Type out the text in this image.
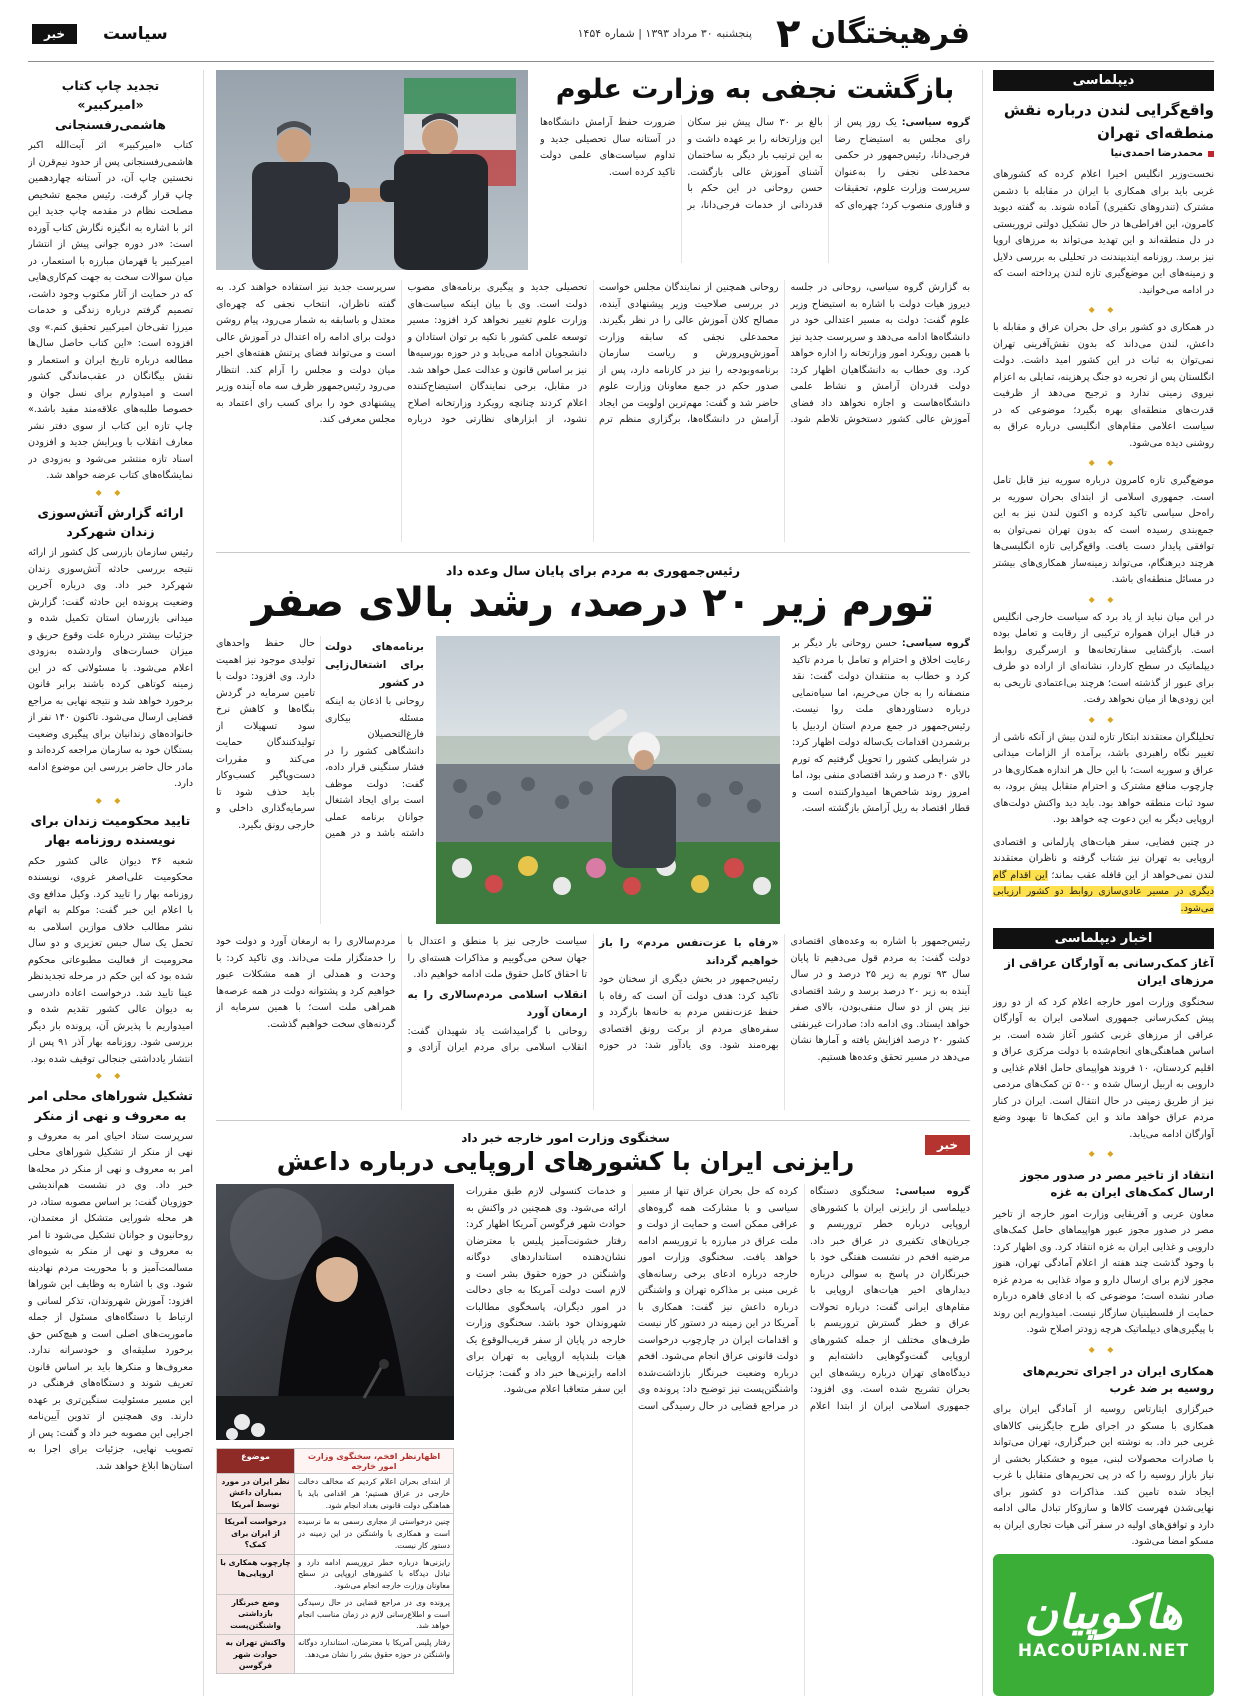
فرهیختگان
۲
پنجشنبه ۳۰ مرداد ۱۳۹۳ | شماره ۱۴۵۴
سیاست
خبر
دیپلماسی
واقع‌گرایی لندن درباره نقش منطقه‌ای تهران
محمدرضا احمدی‌نیا

نخست‌وزیر انگلیس اخیرا اعلام کرده که کشورهای غربی باید برای همکاری با ایران در مقابله با دشمن مشترک (تندروهای تکفیری) آماده شوند. به گفته دیوید کامرون، این افراطی‌ها در حال تشکیل دولتی تروریستی در دل منطقه‌اند و این تهدید می‌تواند به مرزهای اروپا نیز برسد. روزنامه ایندیپندنت در تحلیلی به بررسی دلایل و زمینه‌های این موضع‌گیری تازه لندن پرداخته است که در ادامه می‌خوانید.

◆ ◆

در همکاری دو کشور برای حل بحران عراق و مقابله با داعش، لندن می‌داند که بدون نقش‌آفرینی تهران نمی‌توان به ثبات در این کشور امید داشت. دولت انگلستان پس از تجربه دو جنگ پرهزینه، تمایلی به اعزام نیروی زمینی ندارد و ترجیح می‌دهد از ظرفیت قدرت‌های منطقه‌ای بهره بگیرد؛ موضوعی که در سیاست اعلامی مقام‌های انگلیسی درباره عراق به روشنی دیده می‌شود.

◆ ◆

موضع‌گیری تازه کامرون درباره سوریه نیز قابل تامل است. جمهوری اسلامی از ابتدای بحران سوریه بر راه‌حل سیاسی تاکید کرده و اکنون لندن نیز به این جمع‌بندی رسیده است که بدون تهران نمی‌توان به توافقی پایدار دست یافت. واقع‌گرایی تازه انگلیسی‌ها هرچند دیرهنگام، می‌تواند زمینه‌ساز همکاری‌های بیشتر در مسائل منطقه‌ای باشد.

◆ ◆

در این میان نباید از یاد برد که سیاست خارجی انگلیس در قبال ایران همواره ترکیبی از رقابت و تعامل بوده است. بازگشایی سفارتخانه‌ها و ازسرگیری روابط دیپلماتیک در سطح کاردار، نشانه‌ای از اراده دو طرف برای عبور از گذشته است؛ هرچند بی‌اعتمادی تاریخی به این زودی‌ها از میان نخواهد رفت.

◆ ◆

تحلیلگران معتقدند ابتکار تازه لندن بیش از آنکه ناشی از تغییر نگاه راهبردی باشد، برآمده از الزامات میدانی عراق و سوریه است؛ با این حال هر اندازه همکاری‌ها در چارچوب منافع مشترک و احترام متقابل پیش برود، به سود ثبات منطقه خواهد بود. باید دید واکنش دولت‌های اروپایی دیگر به این دعوت چه خواهد بود.

در چنین فضایی، سفر هیات‌های پارلمانی و اقتصادی اروپایی به تهران نیز شتاب گرفته و ناظران معتقدند لندن نمی‌خواهد از این قافله عقب بماند؛ این اقدام گام دیگری در مسیر عادی‌سازی روابط دو کشور ارزیابی می‌شود.

اخبار دیپلماسی
آغاز کمک‌رسانی به آوارگان عراقی از مرزهای ایران

سخنگوی وزارت امور خارجه اعلام کرد که از دو روز پیش کمک‌رسانی جمهوری اسلامی ایران به آوارگان عراقی از مرزهای غربی کشور آغاز شده است. بر اساس هماهنگی‌های انجام‌شده با دولت مرکزی عراق و اقلیم کردستان، ۱۰ فروند هواپیمای حامل اقلام غذایی و دارویی به اربیل ارسال شده و ۵۰۰ تن کمک‌های مردمی نیز از طریق زمینی در حال انتقال است. ایران در کنار مردم عراق خواهد ماند و این کمک‌ها تا بهبود وضع آوارگان ادامه می‌یابد.

◆ ◆
انتقاد از تاخیر مصر در صدور مجوز ارسال کمک‌های ایران به غزه

معاون عربی و آفریقایی وزارت امور خارجه از تاخیر مصر در صدور مجوز عبور هواپیماهای حامل کمک‌های دارویی و غذایی ایران به غزه انتقاد کرد. وی اظهار کرد: با وجود گذشت چند هفته از اعلام آمادگی تهران، هنوز مجوز لازم برای ارسال دارو و مواد غذایی به مردم غزه صادر نشده است؛ موضوعی که با ادعای قاهره درباره حمایت از فلسطینیان سازگار نیست. امیدواریم این روند با پیگیری‌های دیپلماتیک هرچه زودتر اصلاح شود.

◆ ◆
همکاری ایران در اجرای تحریم‌های روسیه بر ضد غرب

خبرگزاری ایتارتاس روسیه از آمادگی ایران برای همکاری با مسکو در اجرای طرح جایگزینی کالاهای غربی خبر داد. به نوشته این خبرگزاری، تهران می‌تواند با صادرات محصولات لبنی، میوه و خشکبار بخشی از نیاز بازار روسیه را که در پی تحریم‌های متقابل با غرب ایجاد شده تامین کند. مذاکرات دو کشور برای نهایی‌شدن فهرست کالاها و سازوکار تبادل مالی ادامه دارد و توافق‌های اولیه در سفر آتی هیات تجاری ایران به مسکو امضا می‌شود.

هاکوپیان
HACOUPIAN.NET
بازگشت نجفی به وزارت علوم
گروه سیاسی: یک روز پس از رای مجلس به استیضاح رضا فرجی‌دانا، رئیس‌جمهور در حکمی محمدعلی نجفی را به‌عنوان سرپرست وزارت علوم، تحقیقات و فناوری منصوب کرد؛ چهره‌ای که بالغ بر ۳۰ سال پیش نیز سکان این وزارتخانه را بر عهده داشت و به این ترتیب بار دیگر به ساختمان آشنای آموزش عالی بازگشت. حسن روحانی در این حکم با قدردانی از خدمات فرجی‌دانا، بر ضرورت حفظ آرامش دانشگاه‌ها در آستانه سال تحصیلی جدید و تداوم سیاست‌های علمی دولت تاکید کرده است.
به گزارش گروه سیاسی، روحانی در جلسه دیروز هیات دولت با اشاره به استیضاح وزیر علوم گفت: دولت به مسیر اعتدالی خود در دانشگاه‌ها ادامه می‌دهد و سرپرست جدید نیز با همین رویکرد امور وزارتخانه را اداره خواهد کرد. وی خطاب به دانشگاهیان اظهار کرد: دولت قدردان آرامش و نشاط علمی دانشگاه‌هاست و اجازه نخواهد داد فضای آموزش عالی کشور دستخوش تلاطم شود. روحانی همچنین از نمایندگان مجلس خواست در بررسی صلاحیت وزیر پیشنهادی آینده، مصالح کلان آموزش عالی را در نظر بگیرند. محمدعلی نجفی که سابقه وزارت آموزش‌وپرورش و ریاست سازمان برنامه‌وبودجه را نیز در کارنامه دارد، پس از صدور حکم در جمع معاونان وزارت علوم حاضر شد و گفت: مهم‌ترین اولویت من ایجاد آرامش در دانشگاه‌ها، برگزاری منظم ترم تحصیلی جدید و پیگیری برنامه‌های مصوب دولت است. وی با بیان اینکه سیاست‌های وزارت علوم تغییر نخواهد کرد افزود: مسیر توسعه علمی کشور با تکیه بر توان استادان و دانشجویان ادامه می‌یابد و در حوزه بورسیه‌ها نیز بر اساس قانون و عدالت عمل خواهد شد. در مقابل، برخی نمایندگان استیضاح‌کننده اعلام کردند چنانچه رویکرد وزارتخانه اصلاح نشود، از ابزارهای نظارتی خود درباره سرپرست جدید نیز استفاده خواهند کرد. به گفته ناظران، انتخاب نجفی که چهره‌ای معتدل و باسابقه به شمار می‌رود، پیام روشن دولت برای ادامه راه اعتدال در آموزش عالی است و می‌تواند فضای پرتنش هفته‌های اخیر میان دولت و مجلس را آرام کند. انتظار می‌رود رئیس‌جمهور ظرف سه ماه آینده وزیر پیشنهادی خود را برای کسب رای اعتماد به مجلس معرفی کند.
رئیس‌جمهوری به مردم برای پایان سال وعده داد
تورم زیر ۲۰ درصد، رشد بالای صفر
گروه سیاسی: حسن روحانی بار دیگر بر رعایت اخلاق و احترام و تعامل با مردم تاکید کرد و خطاب به منتقدان دولت گفت: نقد منصفانه را به جان می‌خریم، اما سیاه‌نمایی درباره دستاوردهای ملت روا نیست. رئیس‌جمهور در جمع مردم استان اردبیل با برشمردن اقدامات یک‌ساله دولت اظهار کرد: در شرایطی کشور را تحویل گرفتیم که تورم بالای ۴۰ درصد و رشد اقتصادی منفی بود، اما امروز روند شاخص‌ها امیدوارکننده است و قطار اقتصاد به ریل آرامش بازگشته است.
برنامه‌های دولت برای اشتغال‌زایی در کشور
روحانی با اذعان به اینکه مسئله بیکاری فارغ‌التحصیلان دانشگاهی کشور را در فشار سنگینی قرار داده، گفت: دولت موظف است برای ایجاد اشتغال جوانان برنامه عملی داشته باشد و در همین حال حفظ واحدهای تولیدی موجود نیز اهمیت دارد. وی افزود: دولت با تامین سرمایه در گردش بنگاه‌ها و کاهش نرخ سود تسهیلات از تولیدکنندگان حمایت می‌کند و مقررات دست‌وپاگیر کسب‌وکار باید حذف شود تا سرمایه‌گذاری داخلی و خارجی رونق بگیرد.
رئیس‌جمهور با اشاره به وعده‌های اقتصادی دولت گفت: به مردم قول می‌دهیم تا پایان سال ۹۳ تورم به زیر ۲۵ درصد و در سال آینده به زیر ۲۰ درصد برسد و رشد اقتصادی نیز پس از دو سال منفی‌بودن، بالای صفر خواهد ایستاد. وی ادامه داد: صادرات غیرنفتی کشور ۲۰ درصد افزایش یافته و آمارها نشان می‌دهد در مسیر تحقق وعده‌ها هستیم.
«رفاه با عزت‌نفس مردم» را باز خواهیم گرداند
رئیس‌جمهور در بخش دیگری از سخنان خود تاکید کرد: هدف دولت آن است که رفاه با حفظ عزت‌نفس مردم به خانه‌ها بازگردد و سفره‌های مردم از برکت رونق اقتصادی بهره‌مند شود. وی یادآور شد: در حوزه سیاست خارجی نیز با منطق و اعتدال با جهان سخن می‌گوییم و مذاکرات هسته‌ای را تا احقاق کامل حقوق ملت ادامه خواهیم داد.
انقلاب اسلامی مردم‌سالاری را به ارمغان آورد
روحانی با گرامیداشت یاد شهیدان گفت: انقلاب اسلامی برای مردم ایران آزادی و مردم‌سالاری را به ارمغان آورد و دولت خود را خدمتگزار ملت می‌داند. وی تاکید کرد: با وحدت و همدلی از همه مشکلات عبور خواهیم کرد و پشتوانه دولت در همه عرصه‌ها همراهی ملت است؛ با همین سرمایه از گردنه‌های سخت خواهیم گذشت.
خبر
سخنگوی وزارت امور خارجه خبر داد
رایزنی ایران با کشورهای اروپایی درباره داعش
گروه سیاسی: سخنگوی دستگاه دیپلماسی از رایزنی ایران با کشورهای اروپایی درباره خطر تروریسم و جریان‌های تکفیری در عراق خبر داد. مرضیه افخم در نشست هفتگی خود با خبرنگاران در پاسخ به سوالی درباره دیدارهای اخیر هیات‌های اروپایی با مقام‌های ایرانی گفت: درباره تحولات عراق و خطر گسترش تروریسم با طرف‌های مختلف از جمله کشورهای اروپایی گفت‌وگوهایی داشته‌ایم و دیدگاه‌های تهران درباره ریشه‌های این بحران تشریح شده است. وی افزود: جمهوری اسلامی ایران از ابتدا اعلام کرده که حل بحران عراق تنها از مسیر سیاسی و با مشارکت همه گروه‌های عراقی ممکن است و حمایت از دولت و ملت عراق در مبارزه با تروریسم ادامه خواهد یافت. سخنگوی وزارت امور خارجه درباره ادعای برخی رسانه‌های غربی مبنی بر مذاکره تهران و واشنگتن درباره داعش نیز گفت: همکاری با آمریکا در این زمینه در دستور کار نیست و اقدامات ایران در چارچوب درخواست دولت قانونی عراق انجام می‌شود. افخم درباره وضعیت خبرنگار بازداشت‌شده واشنگتن‌پست نیز توضیح داد: پرونده وی در مراجع قضایی در حال رسیدگی است و خدمات کنسولی لازم طبق مقررات ارائه می‌شود. وی همچنین در واکنش به حوادث شهر فرگوسن آمریکا اظهار کرد: رفتار خشونت‌آمیز پلیس با معترضان نشان‌دهنده استانداردهای دوگانه واشنگتن در حوزه حقوق بشر است و لازم است دولت آمریکا به جای دخالت در امور دیگران، پاسخگوی مطالبات شهروندان خود باشد. سخنگوی وزارت خارجه در پایان از سفر قریب‌الوقوع یک هیات بلندپایه اروپایی به تهران برای ادامه رایزنی‌ها خبر داد و گفت: جزئیات این سفر متعاقبا اعلام می‌شود.
اظهارنظر افخم، سخنگوی وزارت امور خارجه	موضوع
از ابتدای بحران اعلام کردیم که مخالف دخالت خارجی در عراق هستیم؛ هر اقدامی باید با هماهنگی دولت قانونی بغداد انجام شود.	نظر ایران در مورد بمباران داعش توسط آمریکا
چنین درخواستی از مجاری رسمی به ما نرسیده است و همکاری با واشنگتن در این زمینه در دستور کار نیست.	درخواست آمریکا از ایران برای کمک؟
رایزنی‌ها درباره خطر تروریسم ادامه دارد و تبادل دیدگاه با کشورهای اروپایی در سطح معاونان وزارت خارجه انجام می‌شود.	چارچوب همکاری با اروپایی‌ها
پرونده وی در مراجع قضایی در حال رسیدگی است و اطلاع‌رسانی لازم در زمان مناسب انجام خواهد شد.	وضع خبرنگار بازداشتی واشنگتن‌پست
رفتار پلیس آمریکا با معترضان، استاندارد دوگانه واشنگتن در حوزه حقوق بشر را نشان می‌دهد.	واکنش تهران به حوادث شهر فرگوسن
تجدید چاپ کتاب «امیرکبیر» هاشمی‌رفسنجانی

کتاب «امیرکبیر» اثر آیت‌الله اکبر هاشمی‌رفسنجانی پس از حدود نیم‌قرن از نخستین چاپ آن، در آستانه چهاردهمین چاپ قرار گرفت. رئیس مجمع تشخیص مصلحت نظام در مقدمه چاپ جدید این اثر با اشاره به انگیزه نگارش کتاب آورده است: «در دوره جوانی پیش از انتشار امیرکبیر یا قهرمان مبارزه با استعمار، در میان سوالات سخت به جهت کم‌کاری‌هایی که در حمایت از آثار مکتوب وجود داشت، تصمیم گرفتم درباره زندگی و خدمات میرزا تقی‌خان امیرکبیر تحقیق کنم.» وی افزوده است: «این کتاب حاصل سال‌ها مطالعه درباره تاریخ ایران و استعمار و نقش بیگانگان در عقب‌ماندگی کشور است و امیدوارم برای نسل جوان و خصوصا طلبه‌های علاقه‌مند مفید باشد.» چاپ تازه این کتاب از سوی دفتر نشر معارف انقلاب با ویرایش جدید و افزودن اسناد تازه منتشر می‌شود و به‌زودی در نمایشگاه‌های کتاب عرضه خواهد شد.

◆ ◆
ارائه گزارش آتش‌سوزی زندان شهرکرد

رئیس سازمان بازرسی کل کشور از ارائه نتیجه بررسی حادثه آتش‌سوزی زندان شهرکرد خبر داد. وی درباره آخرین وضعیت پرونده این حادثه گفت: گزارش میدانی بازرسان استان تکمیل شده و جزئیات بیشتر درباره علت وقوع حریق و میزان خسارت‌های واردشده به‌زودی اعلام می‌شود. با مسئولانی که در این زمینه کوتاهی کرده باشند برابر قانون برخورد خواهد شد و نتیجه نهایی به مراجع قضایی ارسال می‌شود. تاکنون ۱۴۰ نفر از خانواده‌های زندانیان برای پیگیری وضعیت بستگان خود به سازمان مراجعه کرده‌اند و مادر حال حاضر بررسی این موضوع ادامه دارد.

◆ ◆
تایید محکومیت زندان برای نویسنده روزنامه بهار

شعبه ۳۶ دیوان عالی کشور حکم محکومیت علی‌اصغر غروی، نویسنده روزنامه بهار را تایید کرد. وکیل مدافع وی با اعلام این خبر گفت: موکلم به اتهام نشر مطالب خلاف موازین اسلامی به تحمل یک سال حبس تعزیری و دو سال محرومیت از فعالیت مطبوعاتی محکوم شده بود که این حکم در مرحله تجدیدنظر عینا تایید شد. درخواست اعاده دادرسی به دیوان عالی کشور تقدیم شده و امیدواریم با پذیرش آن، پرونده بار دیگر بررسی شود. روزنامه بهار آذر ۹۱ پس از انتشار یادداشتی جنجالی توقیف شده بود.

◆ ◆
تشکیل شوراهای محلی امر به معروف و نهی از منکر

سرپرست ستاد احیای امر به معروف و نهی از منکر از تشکیل شوراهای محلی امر به معروف و نهی از منکر در محله‌ها خبر داد. وی در نشست هم‌اندیشی حوزویان گفت: بر اساس مصوبه ستاد، در هر محله شورایی متشکل از معتمدان، روحانیون و جوانان تشکیل می‌شود تا امر به معروف و نهی از منکر به شیوه‌ای مسالمت‌آمیز و با محوریت مردم نهادینه شود. وی با اشاره به وظایف این شوراها افزود: آموزش شهروندان، تذکر لسانی و ارتباط با دستگاه‌های مسئول از جمله ماموریت‌های اصلی است و هیچ‌کس حق برخورد سلیقه‌ای و خودسرانه ندارد. معروف‌ها و منکرها باید بر اساس قانون تعریف شوند و دستگاه‌های فرهنگی در این مسیر مسئولیت سنگین‌تری بر عهده دارند. وی همچنین از تدوین آیین‌نامه اجرایی این مصوبه خبر داد و گفت: پس از تصویب نهایی، جزئیات برای اجرا به استان‌ها ابلاغ خواهد شد.
